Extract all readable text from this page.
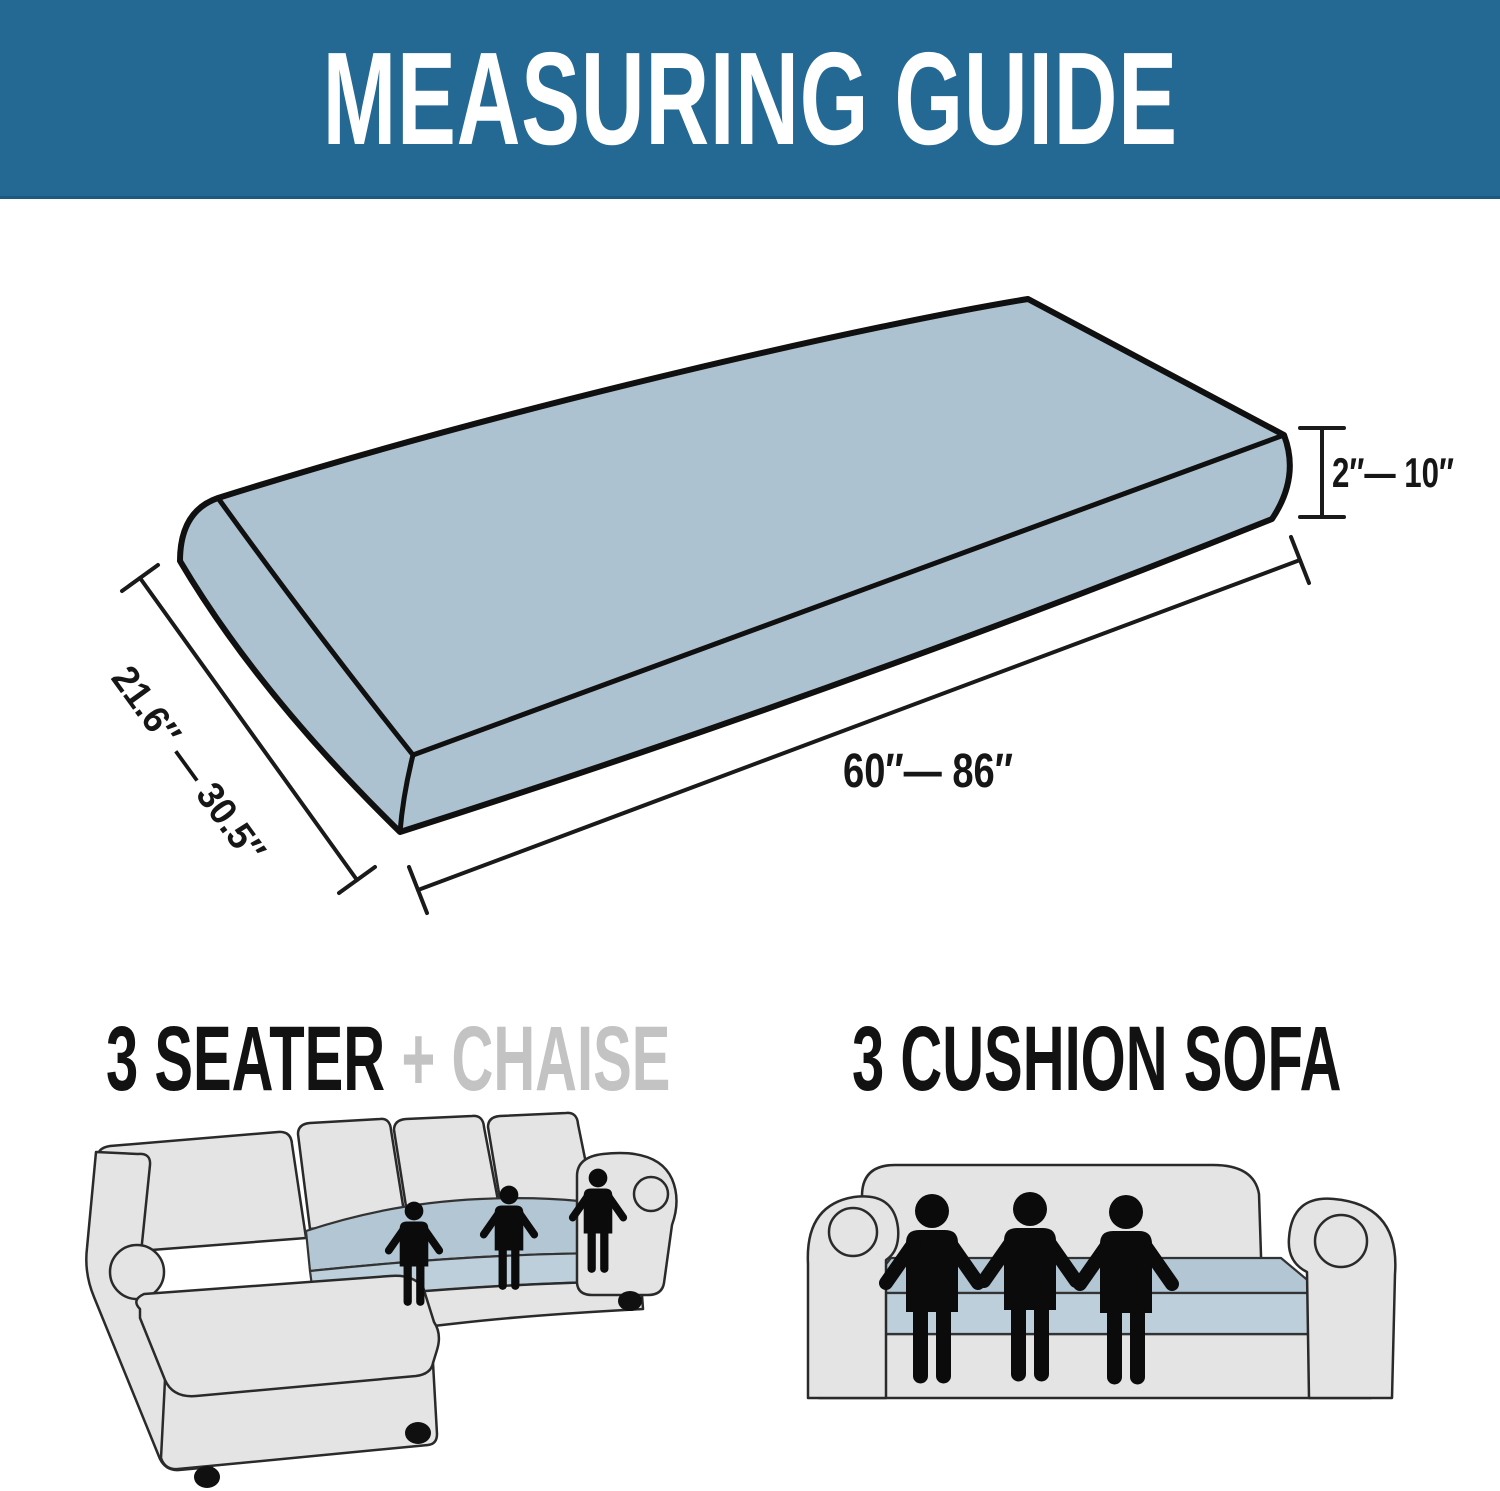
MEASURING GUIDE
2″— 10″
60″— 86″
21.6″ — 30.5″
3 SEATER + CHAISE 3 CUSHION SOFA
